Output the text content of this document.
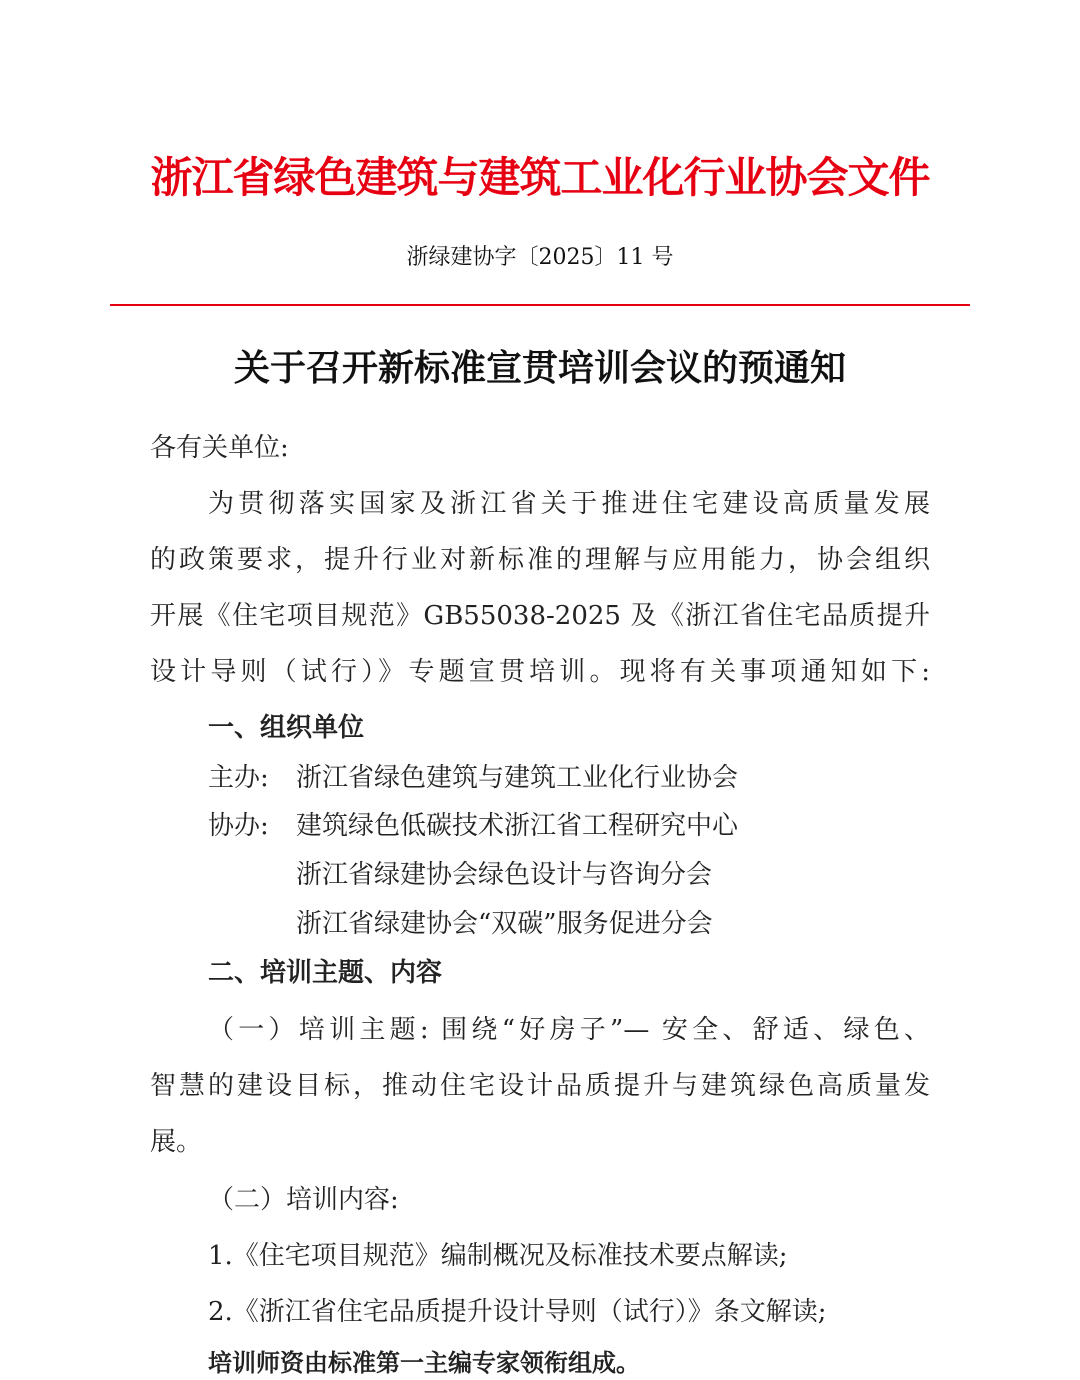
浙江省绿色建筑与建筑工业化行业协会文件
浙绿建协字〔2025〕11 号
关于召开新标准宣贯培训会议的预通知
各有关单位:
为贯彻落实国家及浙江省关于推进住宅建设高质量发展
的政策要求，提升行业对新标准的理解与应用能力，协会组织
开展《住宅项目规范》GB55038-2025 及《浙江省住宅品质提升
设计导则（试行）》专题宣贯培训。现将有关事项通知如下:
一、组织单位
主办: 浙江省绿色建筑与建筑工业化行业协会
协办: 建筑绿色低碳技术浙江省工程研究中心
浙江省绿建协会绿色设计与咨询分会
浙江省绿建协会“双碳”服务促进分会
二、培训主题、内容
（一）培训主题: 围绕“好房子”— 安全、舒适、绿色、
智慧的建设目标，推动住宅设计品质提升与建筑绿色高质量发
展。
（二）培训内容:
1.《住宅项目规范》编制概况及标准技术要点解读;
2.《浙江省住宅品质提升设计导则（试行）》条文解读;
培训师资由标准第一主编专家领衔组成。
